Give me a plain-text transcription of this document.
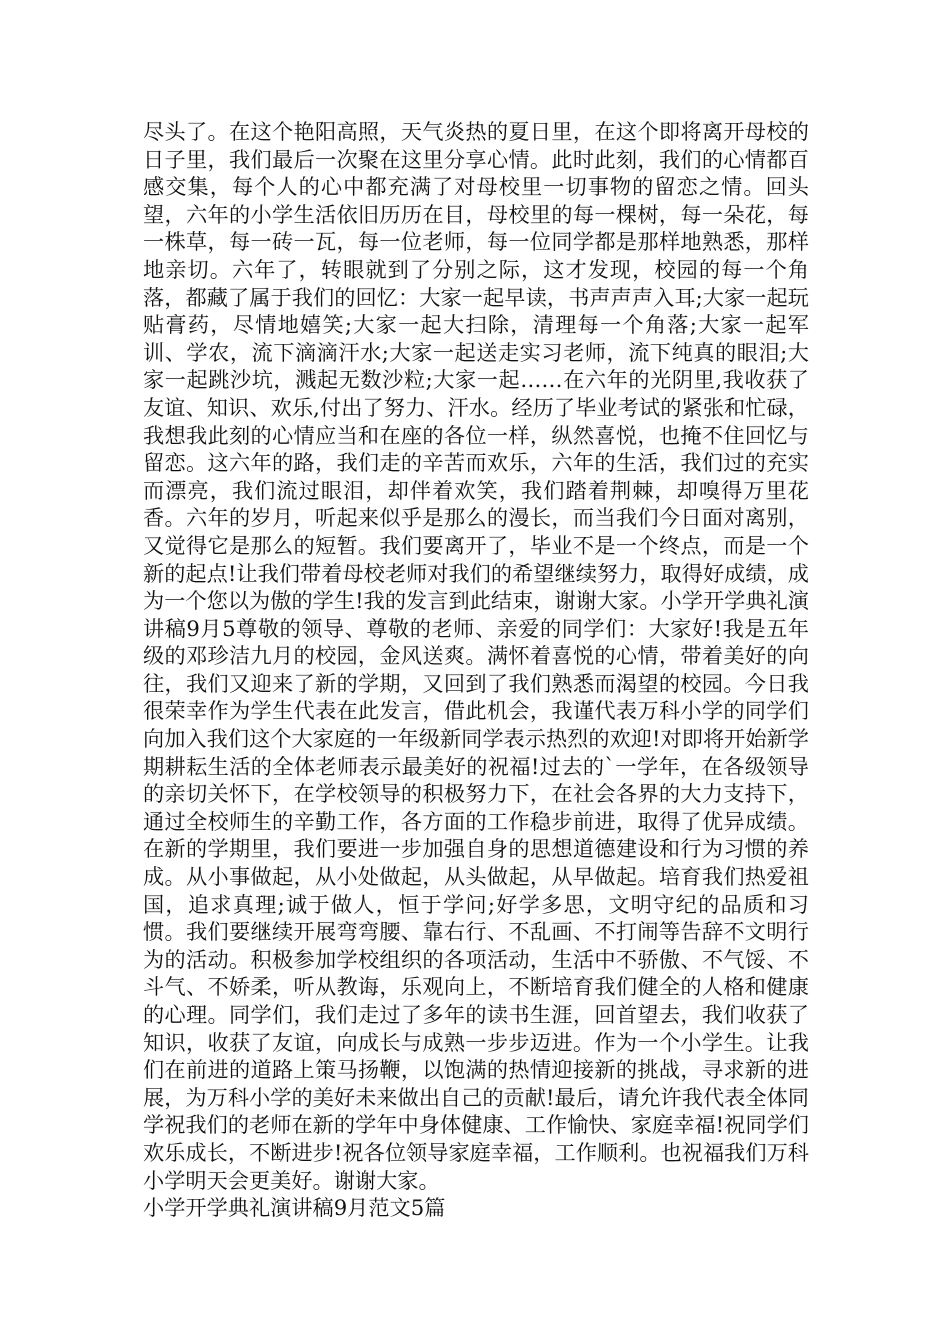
尽头了。在这个艳阳高照，天气炎热的夏日里，在这个即将离开母校的日子里，我们最后一次聚在这里分享心情。此时此刻，我们的心情都百感交集，每个人的心中都充满了对母校里一切事物的留恋之情。回头望，六年的小学生活依旧历历在目，母校里的每一棵树，每一朵花，每一株草，每一砖一瓦，每一位老师，每一位同学都是那样地熟悉，那样地亲切。六年了，转眼就到了分别之际，这才发现，校园的每一个角落，都藏了属于我们的回忆：大家一起早读，书声声声入耳;大家一起玩贴膏药，尽情地嬉笑;大家一起大扫除，清理每一个角落;大家一起军训、学农，流下滴滴汗水;大家一起送走实习老师，流下纯真的眼泪;大家一起跳沙坑，溅起无数沙粒;大家一起……在六年的光阴里,我收获了友谊、知识、欢乐,付出了努力、汗水。经历了毕业考试的紧张和忙碌，我想我此刻的心情应当和在座的各位一样，纵然喜悦，也掩不住回忆与留恋。这六年的路，我们走的辛苦而欢乐，六年的生活，我们过的充实而漂亮，我们流过眼泪，却伴着欢笑，我们踏着荆棘，却嗅得万里花香。六年的岁月，听起来似乎是那么的漫长，而当我们今日面对离别，又觉得它是那么的短暂。我们要离开了，毕业不是一个终点，而是一个新的起点!让我们带着母校老师对我们的希望继续努力，取得好成绩，成为一个您以为傲的学生!我的发言到此结束，谢谢大家。小学开学典礼演讲稿9月5尊敬的领导、尊敬的老师、亲爱的同学们：大家好!我是五年级的邓珍洁九月的校园，金风送爽。满怀着喜悦的心情，带着美好的向往，我们又迎来了新的学期，又回到了我们熟悉而渴望的校园。今日我很荣幸作为学生代表在此发言，借此机会，我谨代表万科小学的同学们向加入我们这个大家庭的一年级新同学表示热烈的欢迎!对即将开始新学期耕耘生活的全体老师表示最美好的祝福!过去的`一学年，在各级领导的亲切关怀下，在学校领导的积极努力下，在社会各界的大力支持下，通过全校师生的辛勤工作，各方面的工作稳步前进，取得了优异成绩。在新的学期里，我们要进一步加强自身的思想道德建设和行为习惯的养成。从小事做起，从小处做起，从头做起，从早做起。培育我们热爱祖国，追求真理;诚于做人，恒于学问;好学多思，文明守纪的品质和习惯。我们要继续开展弯弯腰、靠右行、不乱画、不打闹等告辞不文明行为的活动。积极参加学校组织的各项活动，生活中不骄傲、不气馁、不斗气、不娇柔，听从教诲，乐观向上，不断培育我们健全的人格和健康的心理。同学们，我们走过了多年的读书生涯，回首望去，我们收获了知识，收获了友谊，向成长与成熟一步步迈进。作为一个小学生。让我们在前进的道路上策马扬鞭，以饱满的热情迎接新的挑战，寻求新的进展，为万科小学的美好未来做出自己的贡献!最后，请允许我代表全体同学祝我们的老师在新的学年中身体健康、工作愉快、家庭幸福!祝同学们欢乐成长，不断进步!祝各位领导家庭幸福，工作顺利。也祝福我们万科小学明天会更美好。谢谢大家。

小学开学典礼演讲稿9月范文5篇
